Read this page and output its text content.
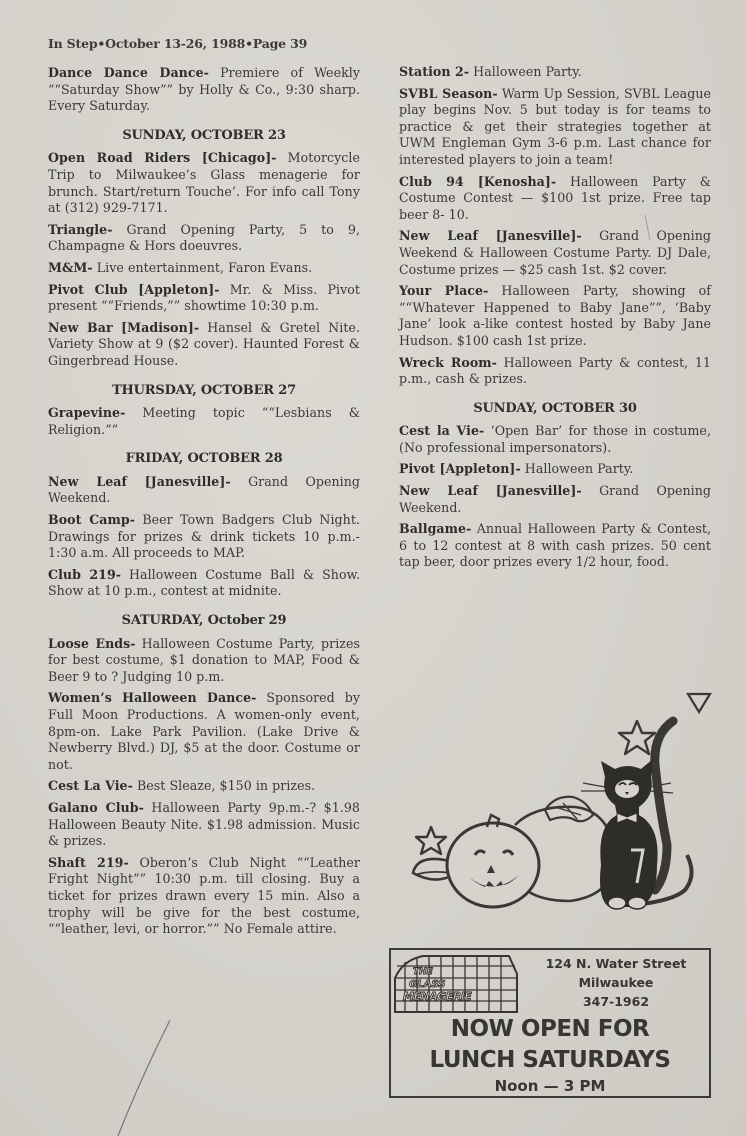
In Step•October 13-26, 1988•Page 39

Dance Dance Dance- Premiere of Weekly ““Saturday Show”” by Holly & Co., 9:30 sharp. Every Saturday.

SUNDAY, OCTOBER 23

Open Road Riders [Chicago]- Motorcycle Trip to Milwaukee’s Glass menagerie for brunch. Start/return Touche’. For info call Tony at (312) 929-7171.

Triangle- Grand Opening Party, 5 to 9, Champagne & Hors doeuvres.

M&M- Live entertainment, Faron Evans.

Pivot Club [Appleton]- Mr. & Miss. Pivot present ““Friends,”” showtime 10:30 p.m.

New Bar [Madison]- Hansel & Gretel Nite. Variety Show at 9 ($2 cover). Haunted Forest & Gingerbread House.

THURSDAY, OCTOBER 27

Grapevine- Meeting topic ““Lesbians & Religion.””

FRIDAY, OCTOBER 28

New Leaf [Janesville]- Grand Opening Weekend.

Boot Camp- Beer Town Badgers Club Night. Drawings for prizes & drink tickets 10 p.m.- 1:30 a.m. All proceeds to MAP.

Club 219- Halloween Costume Ball & Show. Show at 10 p.m., contest at midnite.

SATURDAY, October 29

Loose Ends- Halloween Costume Party, prizes for best costume, $1 donation to MAP, Food & Beer 9 to ? Judging 10 p.m.

Women’s Halloween Dance- Sponsored by Full Moon Productions. A women-only event, 8pm-on. Lake Park Pavilion. (Lake Drive & Newberry Blvd.) DJ, $5 at the door. Costume or not.

Cest La Vie- Best Sleaze, $150 in prizes.

Galano Club- Halloween Party 9p.m.-? $1.98 Halloween Beauty Nite. $1.98 admission. Music & prizes.

Shaft 219- Oberon’s Club Night ““Leather Fright Night”” 10:30 p.m. till closing. Buy a ticket for prizes drawn every 15 min. Also a trophy will be give for the best costume, ““leather, levi, or horror.”” No Female attire.

Station 2- Halloween Party.

SVBL Season- Warm Up Session, SVBL League play begins Nov. 5 but today is for teams to practice & get their strategies together at UWM Engleman Gym 3-6 p.m. Last chance for interested players to join a team!

Club 94 [Kenosha]- Halloween Party & Costume Contest — $100 1st prize. Free tap beer 8- 10.

New Leaf [Janesville]- Grand Opening Weekend & Halloween Costume Party. DJ Dale, Costume prizes — $25 cash 1st. $2 cover.

Your Place- Halloween Party, showing of ““Whatever Happened to Baby Jane””, ‘Baby Jane’ look a-like contest hosted by Baby Jane Hudson. $100 cash 1st prize.

Wreck Room- Halloween Party & contest, 11 p.m., cash & prizes.

SUNDAY, OCTOBER 30

Cest la Vie- ‘Open Bar’ for those in costume, (No professional impersonators).

Pivot [Appleton]- Halloween Party.

New Leaf [Janesville]- Grand Opening Weekend.

Ballgame- Annual Halloween Party & Contest, 6 to 12 contest at 8 with cash prizes. 50 cent tap beer, door prizes every 1/2 hour, food.

THE
GLASS
MENAGERIE
124 N. Water Street
Milwaukee
347-1962
NOW OPEN FOR
LUNCH SATURDAYS
Noon — 3 PM
